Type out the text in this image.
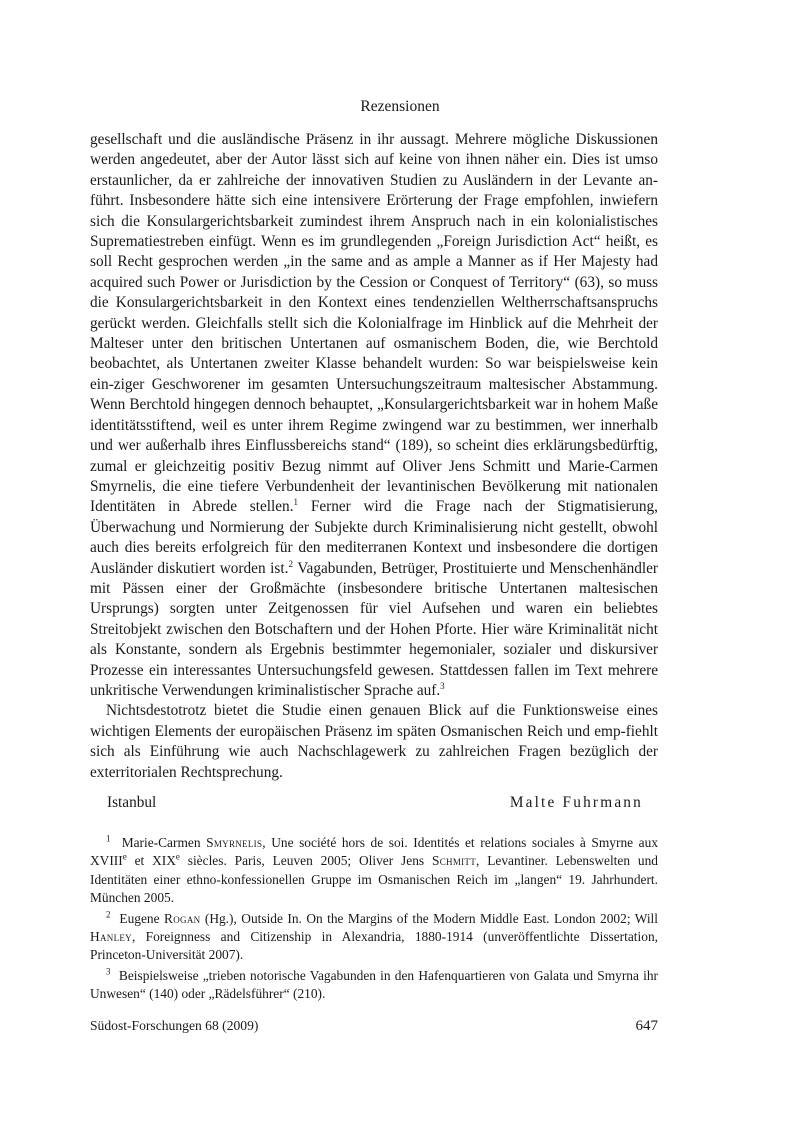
Rezensionen

gesellschaft und die ausländische Präsenz in ihr aussagt. Mehrere mögliche Diskussionen werden angedeutet, aber der Autor lässt sich auf keine von ihnen näher ein. Dies ist umso erstaunlicher, da er zahlreiche der innovativen Studien zu Ausländern in der Levante an-führt. Insbesondere hätte sich eine intensivere Erörterung der Frage empfohlen, inwiefern sich die Konsulargerichtsbarkeit zumindest ihrem Anspruch nach in ein kolonialistisches Suprematiestreben einfügt. Wenn es im grundlegenden „Foreign Jurisdiction Act“ heißt, es soll Recht gesprochen werden „in the same and as ample a Manner as if Her Majesty had acquired such Power or Jurisdiction by the Cession or Conquest of Territory“ (63), so muss die Konsulargerichtsbarkeit in den Kontext eines tendenziellen Weltherrschaftsanspruchs gerückt werden. Gleichfalls stellt sich die Kolonialfrage im Hinblick auf die Mehrheit der Malteser unter den britischen Untertanen auf osmanischem Boden, die, wie Berchtold beobachtet, als Untertanen zweiter Klasse behandelt wurden: So war beispielsweise kein ein-ziger Geschworener im gesamten Untersuchungszeitraum maltesischer Abstammung. Wenn Berchtold hingegen dennoch behauptet, „Konsulargerichtsbarkeit war in hohem Maße identitätsstiftend, weil es unter ihrem Regime zwingend war zu bestimmen, wer innerhalb und wer außerhalb ihres Einflussbereichs stand“ (189), so scheint dies erklärungsbedürftig, zumal er gleichzeitig positiv Bezug nimmt auf Oliver Jens Schmitt und Marie-Carmen Smyrnelis, die eine tiefere Verbundenheit der levantinischen Bevölkerung mit nationalen Identitäten in Abrede stellen.$^1$ Ferner wird die Frage nach der Stigmatisierung, Überwachung und Normierung der Subjekte durch Kriminalisierung nicht gestellt, obwohl auch dies bereits erfolgreich für den mediterranen Kontext und insbesondere die dortigen Ausländer diskutiert worden ist.$^2$ Vagabunden, Betrüger, Prostituierte und Menschenhändler mit Pässen einer der Großmächte (insbesondere britische Untertanen maltesischen Ursprungs) sorgten unter Zeitgenossen für viel Aufsehen und waren ein beliebtes Streitobjekt zwischen den Botschaftern und der Hohen Pforte. Hier wäre Kriminalität nicht als Konstante, sondern als Ergebnis bestimmter hegemonialer, sozialer und diskursiver Prozesse ein interessantes Untersuchungsfeld gewesen. Stattdessen fallen im Text mehrere unkritische Verwendungen kriminalistischer Sprache auf.$^3$

Nichtsdestotrotz bietet die Studie einen genauen Blick auf die Funktionsweise eines wichtigen Elements der europäischen Präsenz im späten Osmanischen Reich und emp-fiehlt sich als Einführung wie auch Nachschlagewerk zu zahlreichen Fragen bezüglich der exterritorialen Rechtsprechung.

Istanbul	Malte Fuhrmann

$^1$ Marie-Carmen Smyrnelis, Une société hors de soi. Identités et relations sociales à Smyrne aux XVIIIe et XIXe siècles. Paris, Leuven 2005; Oliver Jens Schmitt, Levantiner. Lebenswelten und Identitäten einer ethno-konfessionellen Gruppe im Osmanischen Reich im „langen“ 19. Jahrhundert. München 2005.

$^2$ Eugene Rogan (Hg.), Outside In. On the Margins of the Modern Middle East. London 2002; Will Hanley, Foreignness and Citizenship in Alexandria, 1880-1914 (unveröffentlichte Dissertation, Princeton-Universität 2007).

$^3$ Beispielsweise „trieben notorische Vagabunden in den Hafenquartieren von Galata und Smyrna ihr Unwesen“ (140) oder „Rädelsführer“ (210).

Südost-Forschungen 68 (2009)	647
